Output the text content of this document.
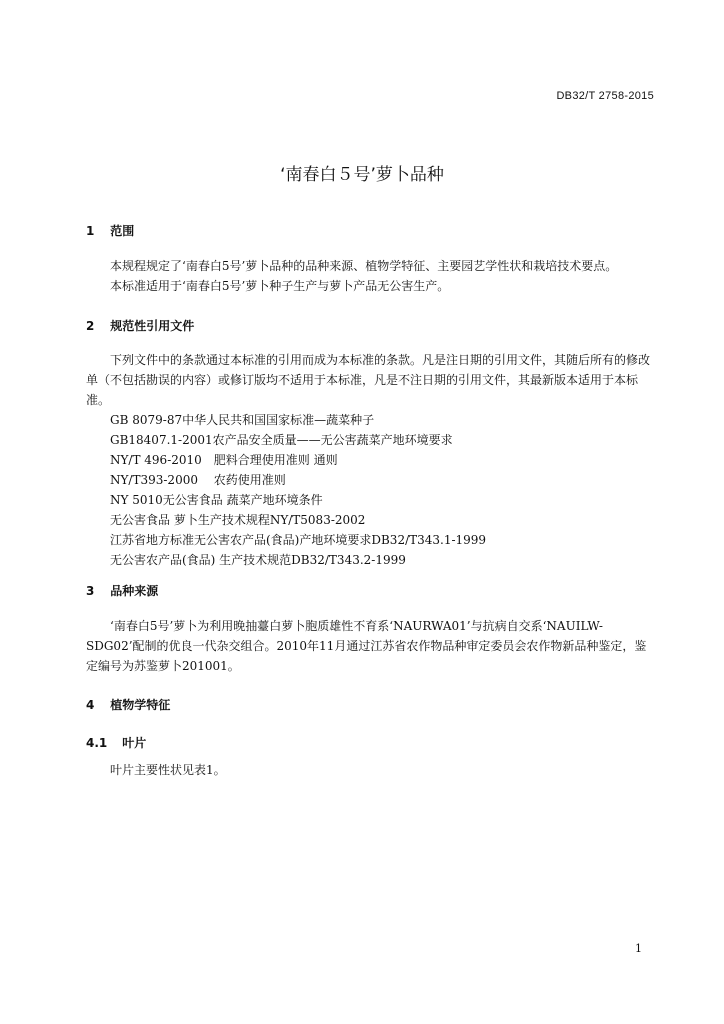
DB32/T 2758-2015
‘南春白５号’萝卜品种
1 范围
本规程规定了‘南春白5号’萝卜品种的品种来源、植物学特征、主要园艺学性状和栽培技术要点。
本标准适用于‘南春白5号’萝卜种子生产与萝卜产品无公害生产。
2 规范性引用文件
下列文件中的条款通过本标准的引用而成为本标准的条款。凡是注日期的引用文件，其随后所有的修改单（不包括勘误的内容）或修订版均不适用于本标准，凡是不注日期的引用文件，其最新版本适用于本标准。
GB 8079-87中华人民共和国国家标准—蔬菜种子
GB18407.1-2001农产品安全质量——无公害蔬菜产地环境要求
NY/T 496-2010　肥料合理使用准则 通则
NY/T393-2000　 农药使用准则
NY 5010无公害食品 蔬菜产地环境条件
无公害食品 萝卜生产技术规程NY/T5083-2002
江苏省地方标准无公害农产品(食品)产地环境要求DB32/T343.1-1999
无公害农产品(食品) 生产技术规范DB32/T343.2-1999
3 品种来源
‘南春白5号’萝卜为利用晚抽薹白萝卜胞质雄性不育系‘NAURWA01’与抗病自交系‘NAUILW-SDG02’配制的优良一代杂交组合。2010年11月通过江苏省农作物品种审定委员会农作物新品种鉴定，鉴定编号为苏鉴萝卜201001。
4 植物学特征
4.1 叶片
叶片主要性状见表1。
1
